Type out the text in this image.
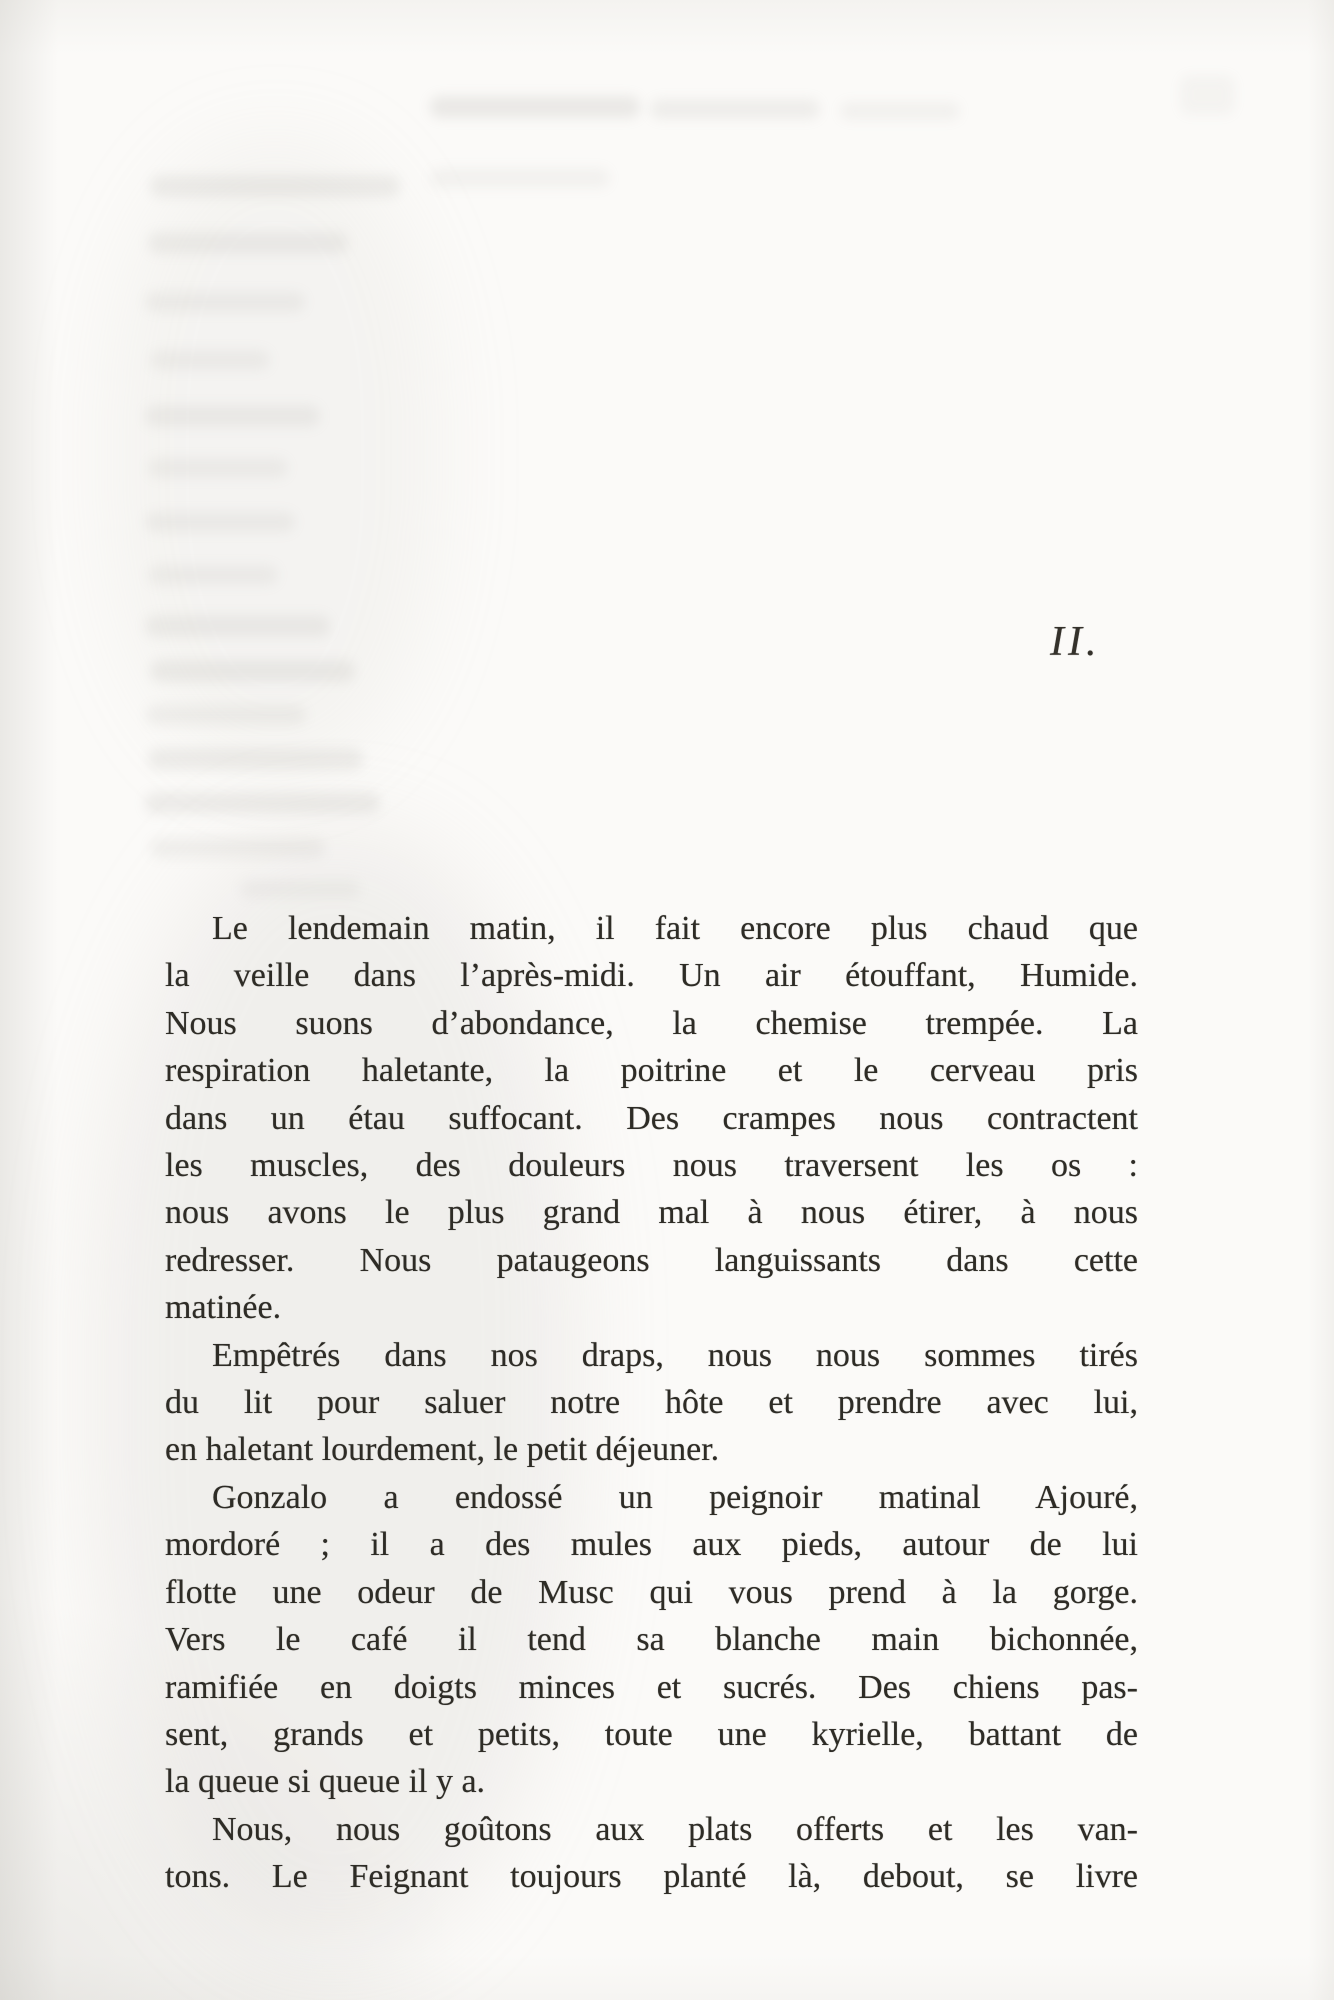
II.

Le lendemain matin, il fait encore plus chaud que
la veille dans l’après-midi. Un air étouffant, Humide.
Nous suons d’abondance, la chemise trempée. La
respiration haletante, la poitrine et le cerveau pris
dans un étau suffocant. Des crampes nous contractent
les muscles, des douleurs nous traversent les os :
nous avons le plus grand mal à nous étirer, à nous
redresser. Nous pataugeons languissants dans cette
matinée.

Empêtrés dans nos draps, nous nous sommes tirés
du lit pour saluer notre hôte et prendre avec lui,
en haletant lourdement, le petit déjeuner.

Gonzalo a endossé un peignoir matinal Ajouré,
mordoré ; il a des mules aux pieds, autour de lui
flotte une odeur de Musc qui vous prend à la gorge.
Vers le café il tend sa blanche main bichonnée,
ramifiée en doigts minces et sucrés. Des chiens pas-
sent, grands et petits, toute une kyrielle, battant de
la queue si queue il y a.

Nous, nous goûtons aux plats offerts et les van-
tons. Le Feignant toujours planté là, debout, se livre
